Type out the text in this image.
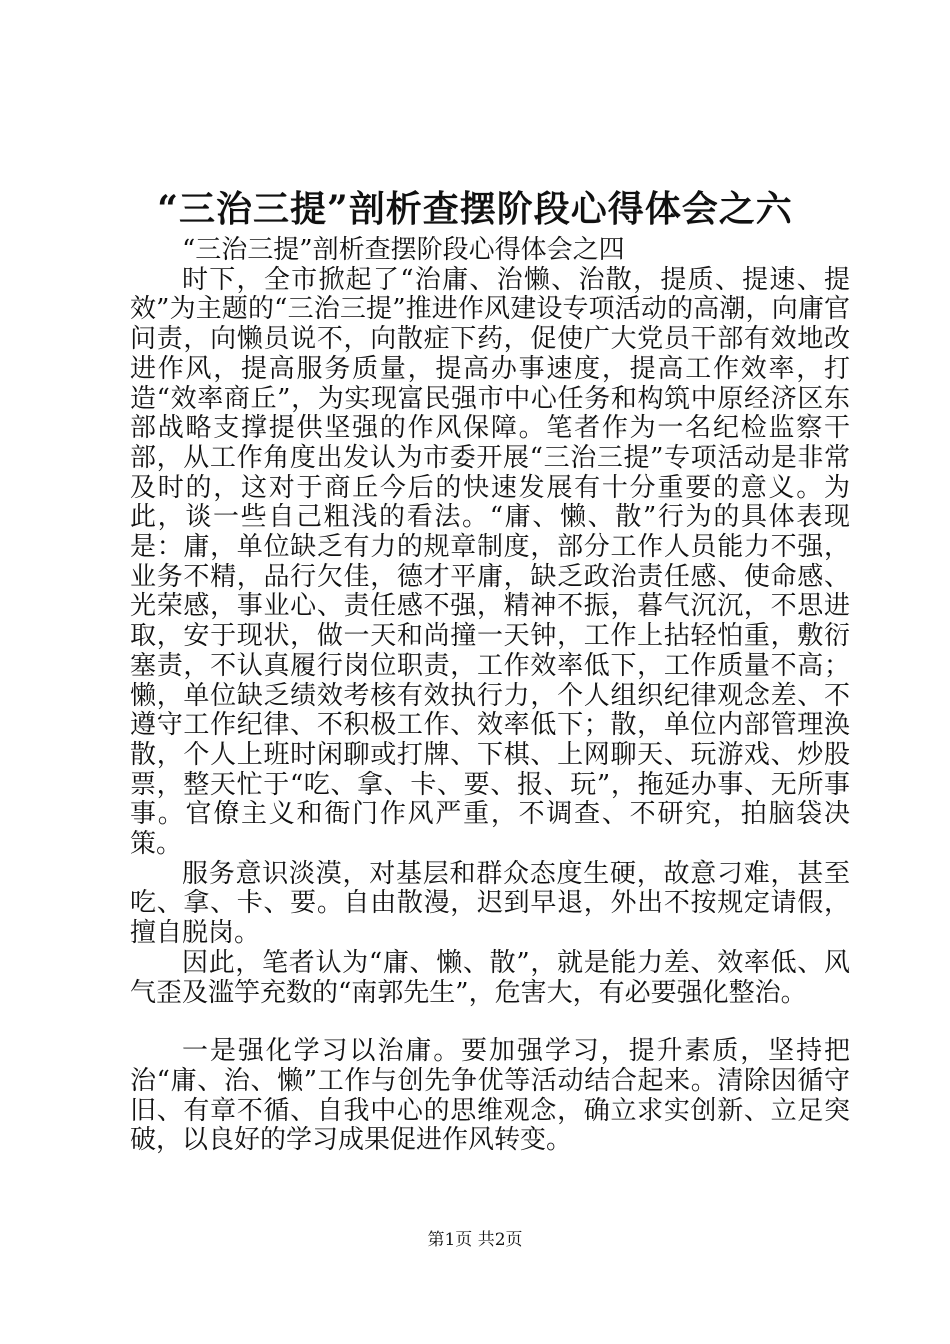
“三治三提”剖析查摆阶段心得体会之六

“三治三提”剖析查摆阶段心得体会之四

时下，全市掀起了“治庸、治懒、治散，提质、提速、提效”为主题的“三治三提”推进作风建设专项活动的高潮，向庸官问责，向懒员说不，向散症下药，促使广大党员干部有效地改进作风，提高服务质量，提高办事速度，提高工作效率，打造“效率商丘”，为实现富民强市中心任务和构筑中原经济区东部战略支撑提供坚强的作风保障。笔者作为一名纪检监察干部，从工作角度出发认为市委开展“三治三提”专项活动是非常及时的，这对于商丘今后的快速发展有十分重要的意义。为此，谈一些自己粗浅的看法。“庸、懒、散”行为的具体表现是：庸，单位缺乏有力的规章制度，部分工作人员能力不强，业务不精，品行欠佳，德才平庸，缺乏政治责任感、使命感、光荣感，事业心、责任感不强，精神不振，暮气沉沉，不思进取，安于现状，做一天和尚撞一天钟，工作上拈轻怕重，敷衍塞责，不认真履行岗位职责，工作效率低下，工作质量不高；懒，单位缺乏绩效考核有效执行力，个人组织纪律观念差、不遵守工作纪律、不积极工作、效率低下；散，单位内部管理涣散，个人上班时闲聊或打牌、下棋、上网聊天、玩游戏、炒股票，整天忙于“吃、拿、卡、要、报、玩”，拖延办事、无所事事。官僚主义和衙门作风严重，不调查、不研究，拍脑袋决策。

服务意识淡漠，对基层和群众态度生硬，故意刁难，甚至吃、拿、卡、要。自由散漫，迟到早退，外出不按规定请假，擅自脱岗。

因此，笔者认为“庸、懒、散”，就是能力差、效率低、风气歪及滥竽充数的“南郭先生”，危害大，有必要强化整治。

一是强化学习以治庸。要加强学习，提升素质，坚持把治“庸、治、懒”工作与创先争优等活动结合起来。清除因循守旧、有章不循、自我中心的思维观念，确立求实创新、立足突破，以良好的学习成果促进作风转变。

第1页 共2页
